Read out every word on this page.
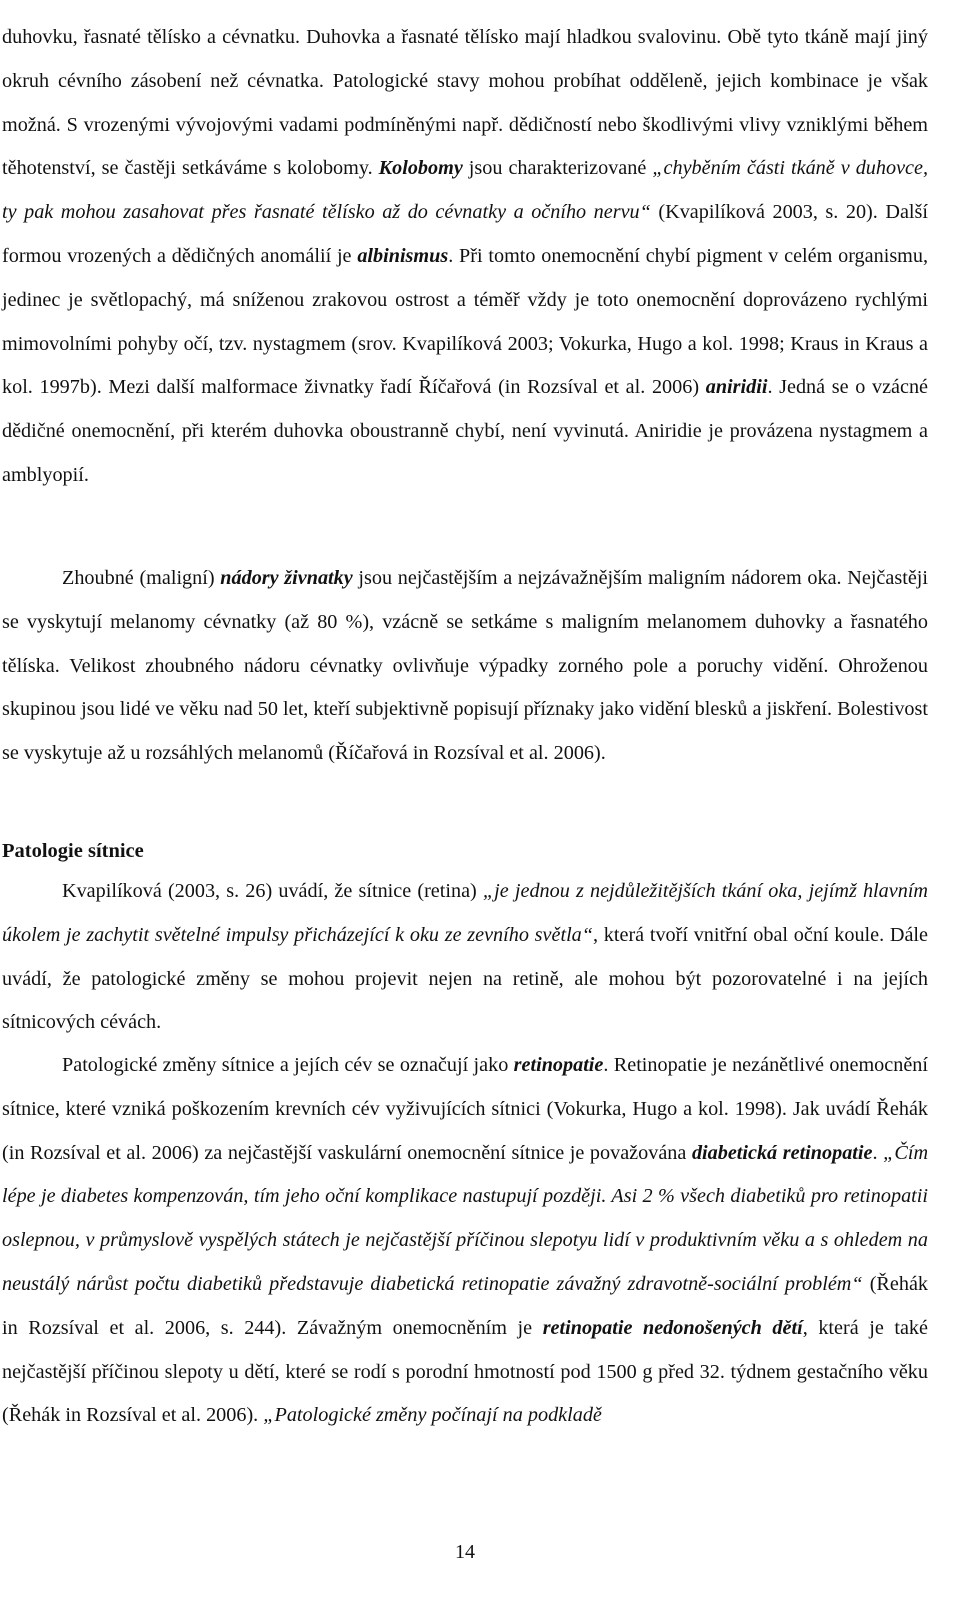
duhovku, řasnaté tělísko a cévnatku. Duhovka a řasnaté tělísko mají hladkou svalovinu. Obě tyto tkáně mají jiný okruh cévního zásobení než cévnatka. Patologické stavy mohou probíhat odděleně, jejich kombinace je však možná. S vrozenými vývojovými vadami podmíněnými např. dědičností nebo škodlivými vlivy vzniklými během těhotenství, se častěji setkáváme s kolobomy. Kolobomy jsou charakterizované „chyběním části tkáně v duhovce, ty pak mohou zasahovat přes řasnaté tělísko až do cévnatky a očního nervu“ (Kvapilíková 2003, s. 20). Další formou vrozených a dědičných anomálií je albinismus. Při tomto onemocnění chybí pigment v celém organismu, jedinec je světlopachý, má sníženou zrakovou ostrost a téměř vždy je toto onemocnění doprovázeno rychlými mimovolními pohyby očí, tzv. nystagmem (srov. Kvapilíková 2003; Vokurka, Hugo a kol. 1998; Kraus in Kraus a kol. 1997b). Mezi další malformace živnatky řadí Říčařová (in Rozsíval et al. 2006) aniridii. Jedná se o vzácné dědičné onemocnění, při kterém duhovka oboustranně chybí, není vyvinutá. Aniridie je provázena nystagmem a amblyopií.

Zhoubné (maligní) nádory živnatky jsou nejčastějším a nejzávažnějším maligním nádorem oka. Nejčastěji se vyskytují melanomy cévnatky (až 80 %), vzácně se setkáme s maligním melanomem duhovky a řasnatého tělíska. Velikost zhoubného nádoru cévnatky ovlivňuje výpadky zorného pole a poruchy vidění. Ohroženou skupinou jsou lidé ve věku nad 50 let, kteří subjektivně popisují příznaky jako vidění blesků a jiskření. Bolestivost se vyskytuje až u rozsáhlých melanomů (Říčařová in Rozsíval et al. 2006).

Patologie sítnice

Kvapilíková (2003, s. 26) uvádí, že sítnice (retina) „je jednou z nejdůležitějších tkání oka, jejímž hlavním úkolem je zachytit světelné impulsy přicházející k oku ze zevního světla“, která tvoří vnitřní obal oční koule. Dále uvádí, že patologické změny se mohou projevit nejen na retině, ale mohou být pozorovatelné i na jejích sítnicových cévách.

Patologické změny sítnice a jejích cév se označují jako retinopatie. Retinopatie je nezánětlivé onemocnění sítnice, které vzniká poškozením krevních cév vyživujících sítnici (Vokurka, Hugo a kol. 1998). Jak uvádí Řehák (in Rozsíval et al. 2006) za nejčastější vaskulární onemocnění sítnice je považována diabetická retinopatie. „Čím lépe je diabetes kompenzován, tím jeho oční komplikace nastupují později. Asi 2 % všech diabetiků pro retinopatii oslepnou, v průmyslově vyspělých státech je nejčastější příčinou slepotyu lidí v produktivním věku a s ohledem na neustálý nárůst počtu diabetiků představuje diabetická retinopatie závažný zdravotně-sociální problém“ (Řehák in Rozsíval et al. 2006, s. 244). Závažným onemocněním je retinopatie nedonošených dětí, která je také nejčastější příčinou slepoty u dětí, které se rodí s porodní hmotností pod 1500 g před 32. týdnem gestačního věku (Řehák in Rozsíval et al. 2006). „Patologické změny počínají na podkladě

14
